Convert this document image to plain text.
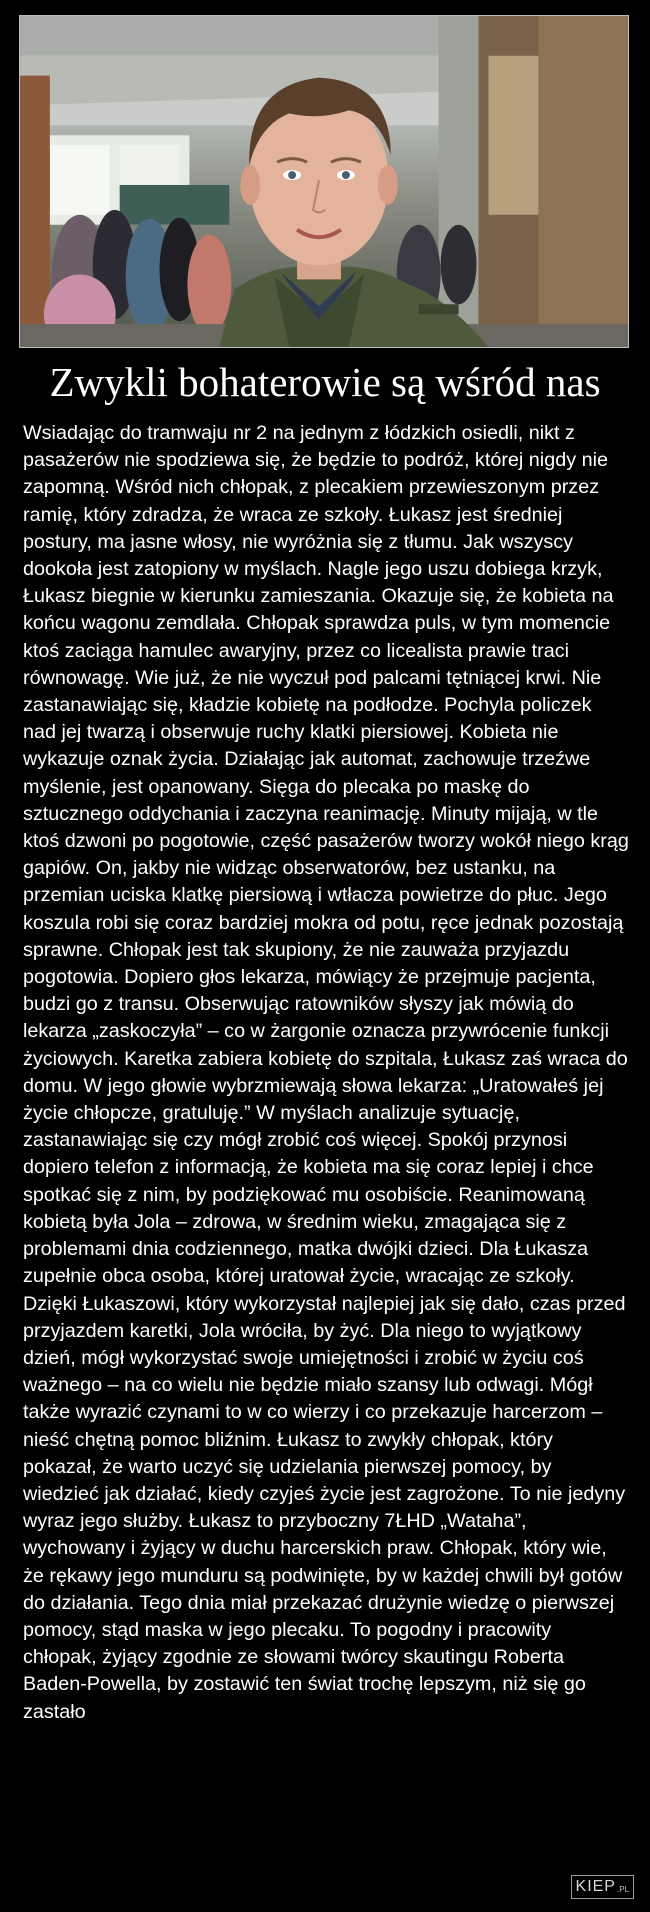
Zwykli bohaterowie są wśród nas

Wsiadając do tramwaju nr 2 na jednym z łódzkich osiedli, nikt z pasażerów nie spodziewa się, że będzie to podróż, której nigdy nie zapomną. Wśród nich chłopak, z plecakiem przewieszonym przez ramię, który zdradza, że wraca ze szkoły. Łukasz jest średniej postury, ma jasne włosy, nie wyróżnia się z tłumu. Jak wszyscy dookoła jest zatopiony w myślach. Nagle jego uszu dobiega krzyk, Łukasz biegnie w kierunku zamieszania. Okazuje się, że kobieta na końcu wagonu zemdlała. Chłopak sprawdza puls, w tym momencie ktoś zaciąga hamulec awaryjny, przez co licealista prawie traci równowagę. Wie już, że nie wyczuł pod palcami tętniącej krwi. Nie zastanawiając się, kładzie kobietę na podłodze. Pochyla policzek nad jej twarzą i obserwuje ruchy klatki piersiowej. Kobieta nie wykazuje oznak życia. Działając jak automat, zachowuje trzeźwe myślenie, jest opanowany. Sięga do plecaka po maskę do sztucznego oddychania i zaczyna reanimację. Minuty mijają, w tle ktoś dzwoni po pogotowie, część pasażerów tworzy wokół niego krąg gapiów. On, jakby nie widząc obserwatorów, bez ustanku, na przemian uciska klatkę piersiową i wtłacza powietrze do płuc. Jego koszula robi się coraz bardziej mokra od potu, ręce jednak pozostają sprawne. Chłopak jest tak skupiony, że nie zauważa przyjazdu pogotowia. Dopiero głos lekarza, mówiący że przejmuje pacjenta, budzi go z transu. Obserwując ratowników słyszy jak mówią do lekarza „zaskoczyła” – co w żargonie oznacza przywrócenie funkcji życiowych. Karetka zabiera kobietę do szpitala, Łukasz zaś wraca do domu. W jego głowie wybrzmiewają słowa lekarza: „Uratowałeś jej życie chłopcze, gratuluję.” W myślach analizuje sytuację, zastanawiając się czy mógł zrobić coś więcej. Spokój przynosi dopiero telefon z informacją, że kobieta ma się coraz lepiej i chce spotkać się z nim, by podziękować mu osobiście. Reanimowaną kobietą była Jola – zdrowa, w średnim wieku, zmagająca się z problemami dnia codziennego, matka dwójki dzieci. Dla Łukasza zupełnie obca osoba, której uratował życie, wracając ze szkoły. Dzięki Łukaszowi, który wykorzystał najlepiej jak się dało, czas przed przyjazdem karetki, Jola wróciła, by żyć. Dla niego to wyjątkowy dzień, mógł wykorzystać swoje umiejętności i zrobić w życiu coś ważnego – na co wielu nie będzie miało szansy lub odwagi. Mógł także wyrazić czynami to w co wierzy i co przekazuje harcerzom – nieść chętną pomoc bliźnim. Łukasz to zwykły chłopak, który pokazał, że warto uczyć się udzielania pierwszej pomocy, by wiedzieć jak działać, kiedy czyjeś życie jest zagrożone. To nie jedyny wyraz jego służby. Łukasz to przyboczny 7ŁHD „Wataha”, wychowany i żyjący w duchu harcerskich praw. Chłopak, który wie, że rękawy jego munduru są podwinięte, by w każdej chwili był gotów do działania. Tego dnia miał przekazać drużynie wiedzę o pierwszej pomocy, stąd maska w jego plecaku. To pogodny i pracowity chłopak, żyjący zgodnie ze słowami twórcy skautingu Roberta Baden-Powella, by zostawić ten świat trochę lepszym, niż się go zastało

KIEP .PL
